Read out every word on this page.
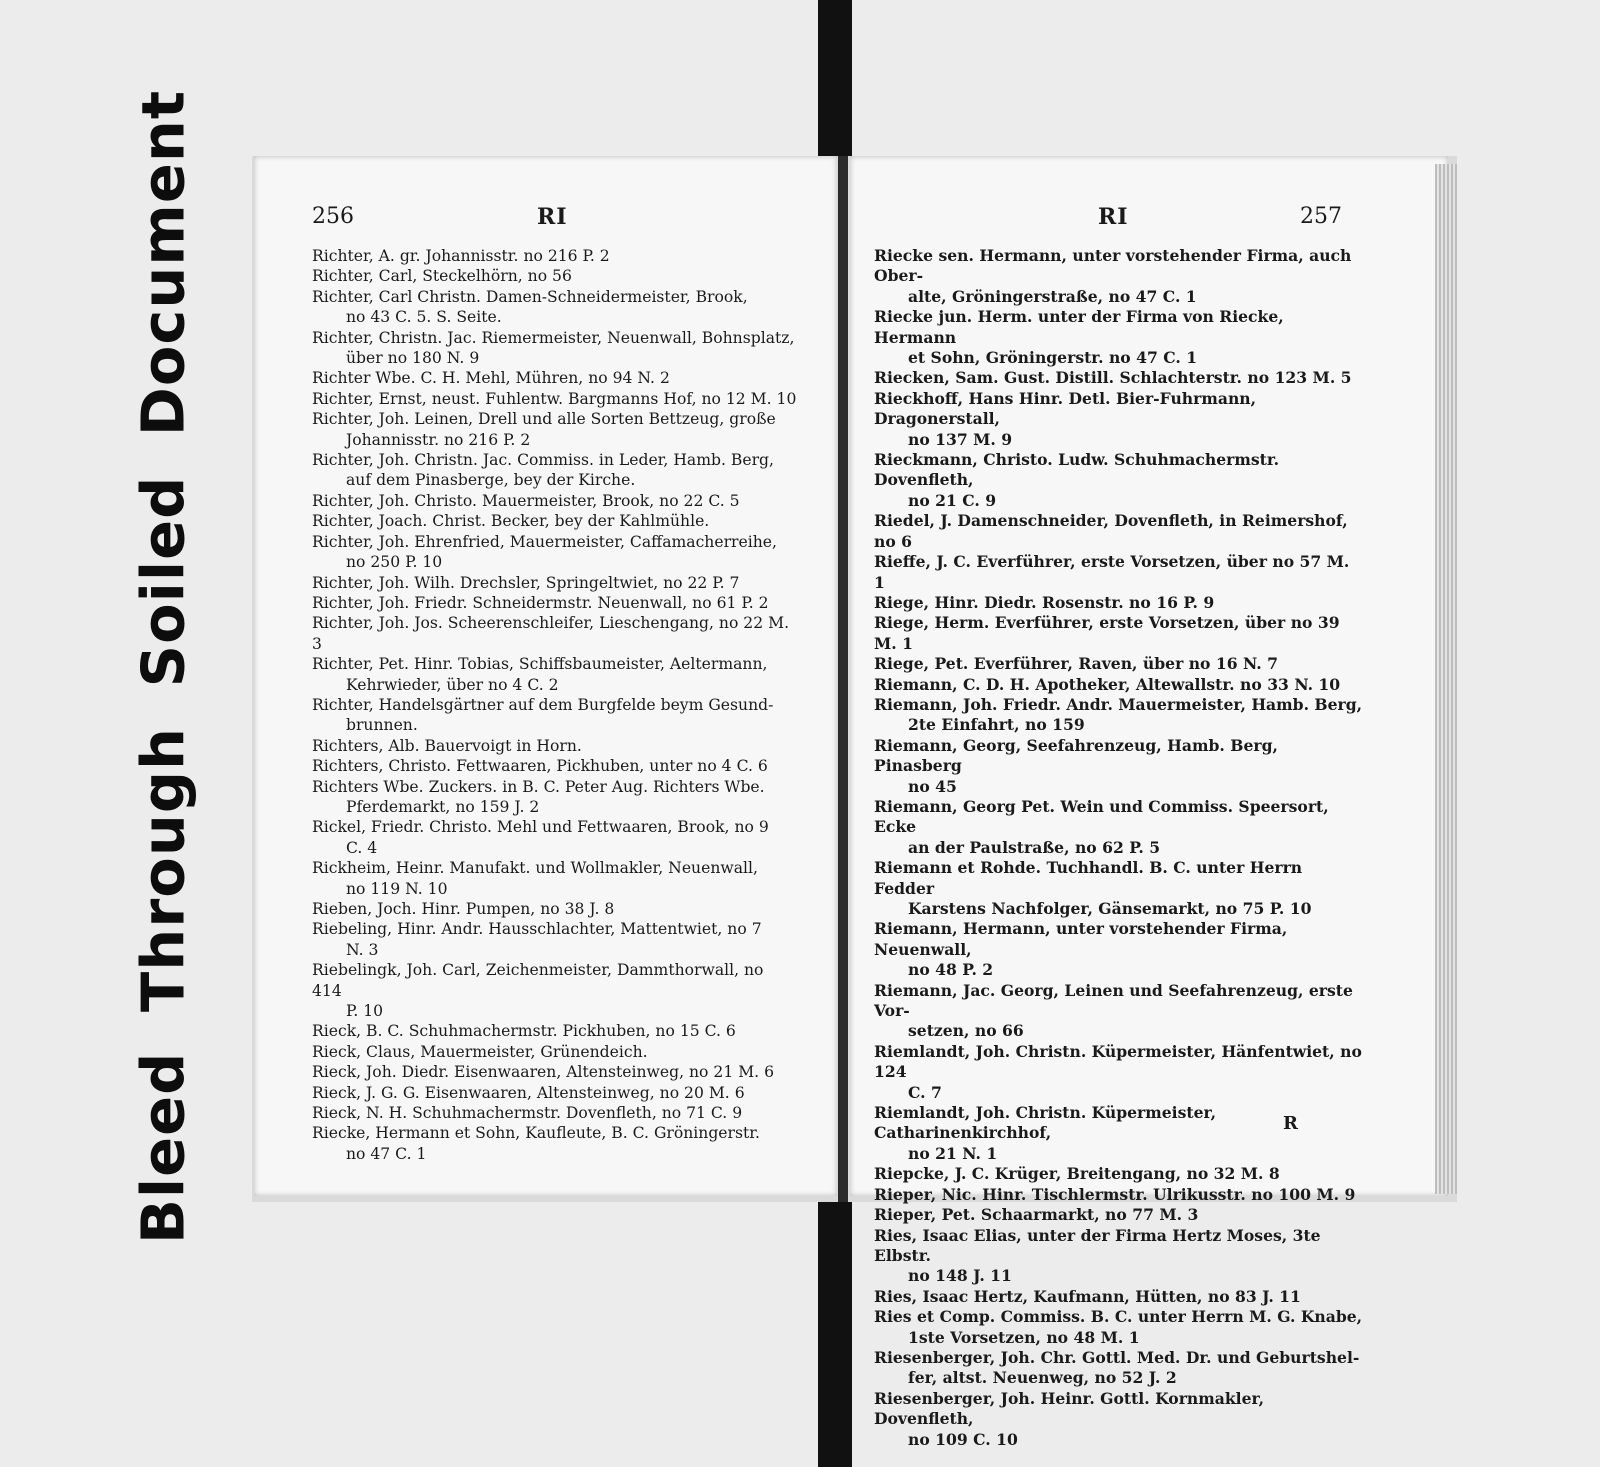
Bleed Through Soiled Document	256	RI
Richter, A. gr. Johannisstr. no 216 P. 2
Richter, Carl, Steckelhörn, no 56
Richter, Carl Christn. Damen-Schneidermeister, Brook,
no 43 C. 5. S. Seite.
Richter, Christn. Jac. Riemermeister, Neuenwall, Bohnsplatz,
über no 180 N. 9
Richter Wbe. C. H. Mehl, Mühren, no 94 N. 2
Richter, Ernst, neust. Fuhlentw. Bargmanns Hof, no 12 M. 10
Richter, Joh. Leinen, Drell und alle Sorten Bettzeug, große
Johannisstr. no 216 P. 2
Richter, Joh. Christn. Jac. Commiss. in Leder, Hamb. Berg,
auf dem Pinasberge, bey der Kirche.
Richter, Joh. Christo. Mauermeister, Brook, no 22 C. 5
Richter, Joach. Christ. Becker, bey der Kahlmühle.
Richter, Joh. Ehrenfried, Mauermeister, Caffamacherreihe,
no 250 P. 10
Richter, Joh. Wilh. Drechsler, Springeltwiet, no 22 P. 7
Richter, Joh. Friedr. Schneidermstr. Neuenwall, no 61 P. 2
Richter, Joh. Jos. Scheerenschleifer, Lieschengang, no 22 M. 3
Richter, Pet. Hinr. Tobias, Schiffsbaumeister, Aeltermann,
Kehrwieder, über no 4 C. 2
Richter, Handelsgärtner auf dem Burgfelde beym Gesund-
brunnen.
Richters, Alb. Bauervoigt in Horn.
Richters, Christo. Fettwaaren, Pickhuben, unter no 4 C. 6
Richters Wbe. Zuckers. in B. C. Peter Aug. Richters Wbe.
Pferdemarkt, no 159 J. 2
Rickel, Friedr. Christo. Mehl und Fettwaaren, Brook, no 9
C. 4
Rickheim, Heinr. Manufakt. und Wollmakler, Neuenwall,
no 119 N. 10
Rieben, Joch. Hinr. Pumpen, no 38 J. 8
Riebeling, Hinr. Andr. Hausschlachter, Mattentwiet, no 7
N. 3
Riebelingk, Joh. Carl, Zeichenmeister, Dammthorwall, no 414
P. 10
Rieck, B. C. Schuhmachermstr. Pickhuben, no 15 C. 6
Rieck, Claus, Mauermeister, Grünendeich.
Rieck, Joh. Diedr. Eisenwaaren, Altensteinweg, no 21 M. 6
Rieck, J. G. G. Eisenwaaren, Altensteinweg, no 20 M. 6
Rieck, N. H. Schuhmachermstr. Dovenfleth, no 71 C. 9
Riecke, Hermann et Sohn, Kaufleute, B. C. Gröningerstr.
no 47 C. 1
RI	257
Riecke sen. Hermann, unter vorstehender Firma, auch Ober-
alte, Gröningerstraße, no 47 C. 1
Riecke jun. Herm. unter der Firma von Riecke, Hermann
et Sohn, Gröningerstr. no 47 C. 1
Riecken, Sam. Gust. Distill. Schlachterstr. no 123 M. 5
Rieckhoff, Hans Hinr. Detl. Bier-Fuhrmann, Dragonerstall,
no 137 M. 9
Rieckmann, Christo. Ludw. Schuhmachermstr. Dovenfleth,
no 21 C. 9
Riedel, J. Damenschneider, Dovenfleth, in Reimershof, no 6
Rieffe, J. C. Everführer, erste Vorsetzen, über no 57 M. 1
Riege, Hinr. Diedr. Rosenstr. no 16 P. 9
Riege, Herm. Everführer, erste Vorsetzen, über no 39 M. 1
Riege, Pet. Everführer, Raven, über no 16 N. 7
Riemann, C. D. H. Apotheker, Altewallstr. no 33 N. 10
Riemann, Joh. Friedr. Andr. Mauermeister, Hamb. Berg,
2te Einfahrt, no 159
Riemann, Georg, Seefahrenzeug, Hamb. Berg, Pinasberg
no 45
Riemann, Georg Pet. Wein und Commiss. Speersort, Ecke
an der Paulstraße, no 62 P. 5
Riemann et Rohde. Tuchhandl. B. C. unter Herrn Fedder
Karstens Nachfolger, Gänsemarkt, no 75 P. 10
Riemann, Hermann, unter vorstehender Firma, Neuenwall,
no 48 P. 2
Riemann, Jac. Georg, Leinen und Seefahrenzeug, erste Vor-
setzen, no 66
Riemlandt, Joh. Christn. Küpermeister, Hänfentwiet, no 124
C. 7
Riemlandt, Joh. Christn. Küpermeister, Catharinenkirchhof,
no 21 N. 1
Riepcke, J. C. Krüger, Breitengang, no 32 M. 8
Rieper, Nic. Hinr. Tischlermstr. Ulrikusstr. no 100 M. 9
Rieper, Pet. Schaarmarkt, no 77 M. 3
Ries, Isaac Elias, unter der Firma Hertz Moses, 3te Elbstr.
no 148 J. 11
Ries, Isaac Hertz, Kaufmann, Hütten, no 83 J. 11
Ries et Comp. Commiss. B. C. unter Herrn M. G. Knabe,
1ste Vorsetzen, no 48 M. 1
Riesenberger, Joh. Chr. Gottl. Med. Dr. und Geburtshel-
fer, altst. Neuenweg, no 52 J. 2
Riesenberger, Joh. Heinr. Gottl. Kornmakler, Dovenfleth,
no 109 C. 10
R
